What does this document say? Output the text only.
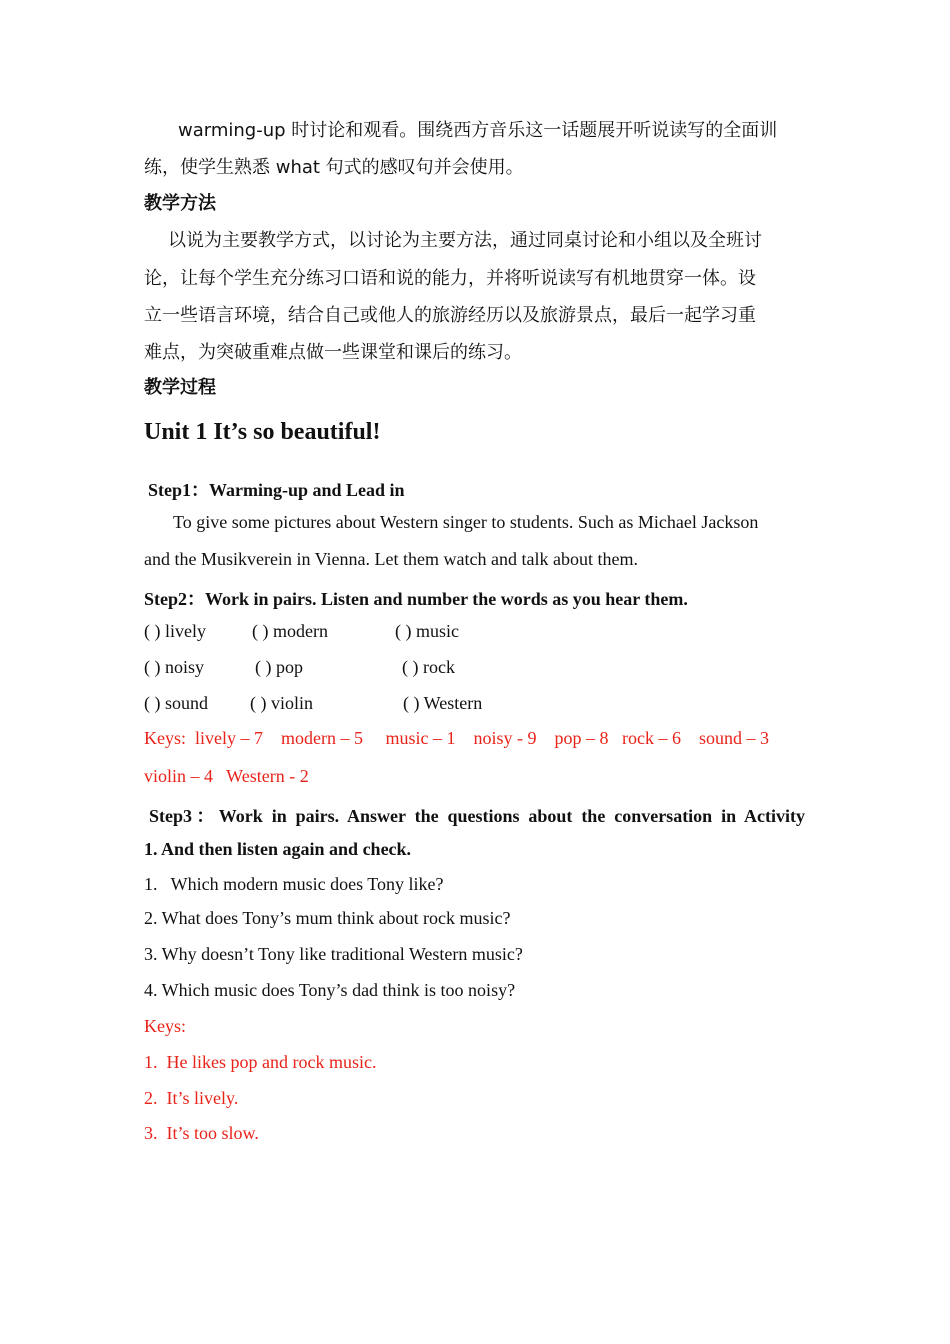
warming-up 时讨论和观看。围绕西方音乐这一话题展开听说读写的全面训
练，使学生熟悉 what 句式的感叹句并会使用。
教学方法
以说为主要教学方式，以讨论为主要方法，通过同桌讨论和小组以及全班讨
论，让每个学生充分练习口语和说的能力，并将听说读写有机地贯穿一体。设
立一些语言环境，结合自己或他人的旅游经历以及旅游景点，最后一起学习重
难点，为突破重难点做一些课堂和课后的练习。
教学过程
Unit 1 It’s so beautiful!
Step1：Warming-up and Lead in
To give some pictures about Western singer to students. Such as Michael Jackson
and the Musikverein in Vienna. Let them watch and talk about them.
Step2：Work in pairs. Listen and number the words as you hear them.
( ) lively	( ) modern	( ) music
( ) noisy	( ) pop	( ) rock
( ) sound ( ) violin	( ) Western
Keys:  lively – 7    modern – 5     music – 1    noisy - 9    pop – 8   rock – 6    sound – 3
violin – 4   Western - 2
Step3：Work in pairs. Answer the questions about the conversation in Activity
1. And then listen again and check.
1.   Which modern music does Tony like?
2. What does Tony’s mum think about rock music?
3. Why doesn’t Tony like traditional Western music?
4. Which music does Tony’s dad think is too noisy?
Keys:
1.  He likes pop and rock music.
2.  It’s lively.
3.  It’s too slow.
